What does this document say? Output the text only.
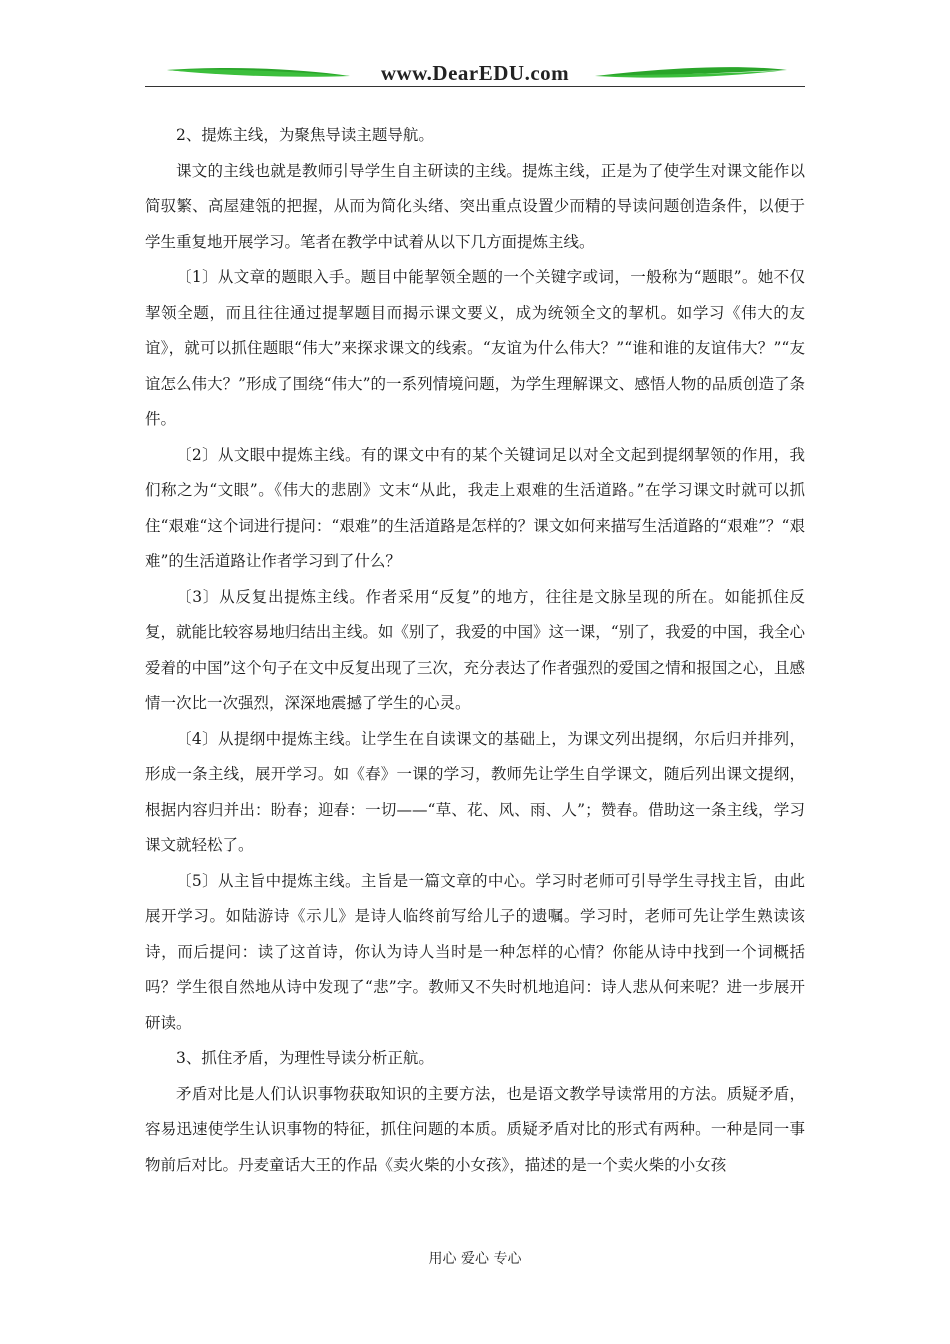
www.DearEDU.com

2、提炼主线，为聚焦导读主题导航。

课文的主线也就是教师引导学生自主研读的主线。提炼主线，正是为了使学生对课文能作以简驭繁、高屋建瓴的把握，从而为简化头绪、突出重点设置少而精的导读问题创造条件，以便于学生重复地开展学习。笔者在教学中试着从以下几方面提炼主线。

〔1〕从文章的题眼入手。题目中能挈领全题的一个关键字或词，一般称为“题眼”。她不仅挈领全题，而且往往通过提挈题目而揭示课文要义，成为统领全文的挈机。如学习《伟大的友谊》，就可以抓住题眼“伟大”来探求课文的线索。“友谊为什么伟大？”“谁和谁的友谊伟大？”“友谊怎么伟大？”形成了围绕“伟大”的一系列情境问题，为学生理解课文、感悟人物的品质创造了条件。

〔2〕从文眼中提炼主线。有的课文中有的某个关键词足以对全文起到提纲挈领的作用，我们称之为“文眼”。《伟大的悲剧》文末“从此，我走上艰难的生活道路。”在学习课文时就可以抓住“艰难“这个词进行提问：“艰难”的生活道路是怎样的？课文如何来描写生活道路的“艰难”？“艰难”的生活道路让作者学习到了什么？

〔3〕从反复出提炼主线。作者采用“反复”的地方，往往是文脉呈现的所在。如能抓住反复，就能比较容易地归结出主线。如《别了，我爱的中国》这一课，“别了，我爱的中国，我全心爱着的中国”这个句子在文中反复出现了三次，充分表达了作者强烈的爱国之情和报国之心，且感情一次比一次强烈，深深地震撼了学生的心灵。

〔4〕从提纲中提炼主线。让学生在自读课文的基础上，为课文列出提纲，尔后归并排列，形成一条主线，展开学习。如《春》一课的学习，教师先让学生自学课文，随后列出课文提纲，根据内容归并出：盼春；迎春：一切——“草、花、风、雨、人”；赞春。借助这一条主线，学习课文就轻松了。

〔5〕从主旨中提炼主线。主旨是一篇文章的中心。学习时老师可引导学生寻找主旨，由此展开学习。如陆游诗《示儿》是诗人临终前写给儿子的遗嘱。学习时，老师可先让学生熟读该诗，而后提问：读了这首诗，你认为诗人当时是一种怎样的心情？你能从诗中找到一个词概括吗？学生很自然地从诗中发现了“悲”字。教师又不失时机地追问：诗人悲从何来呢？进一步展开研读。

3、抓住矛盾，为理性导读分析正航。

矛盾对比是人们认识事物获取知识的主要方法，也是语文教学导读常用的方法。质疑矛盾，容易迅速使学生认识事物的特征，抓住问题的本质。质疑矛盾对比的形式有两种。一种是同一事物前后对比。丹麦童话大王的作品《卖火柴的小女孩》，描述的是一个卖火柴的小女孩

用心 爱心 专心
